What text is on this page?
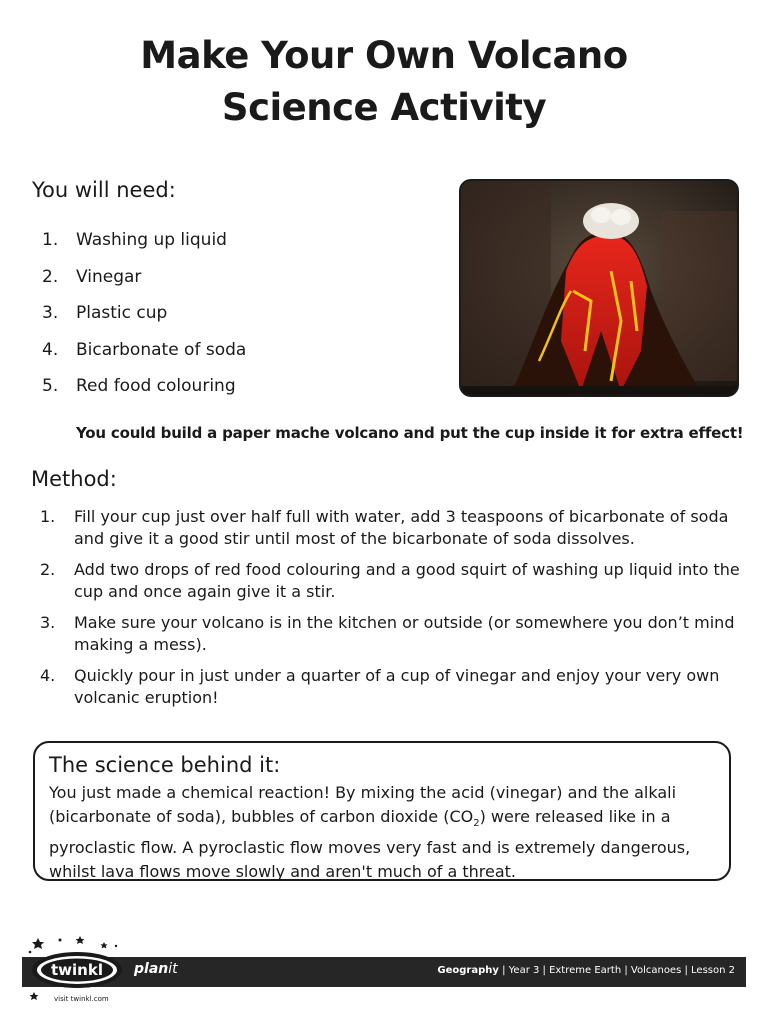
Make Your Own Volcano
Science Activity
You will need:
1. Washing up liquid
2. Vinegar
3. Plastic cup
4. Bicarbonate of soda
5. Red food colouring
You could build a paper mache volcano and put the cup inside it for extra effect!
Method:
1.	Fill your cup just over half full with water, add 3 teaspoons of bicarbonate of soda and give it a good stir until most of the bicarbonate of soda dissolves.
2.	Add two drops of red food colouring and a good squirt of washing up liquid into the cup and once again give it a stir.
3.	Make sure your volcano is in the kitchen or outside (or somewhere you don’t mind making a mess).
4.	Quickly pour in just under a quarter of a cup of vinegar and enjoy your very own volcanic eruption!
The science behind it:
You just made a chemical reaction! By mixing the acid (vinegar) and the alkali (bicarbonate of soda), bubbles of carbon dioxide $(CO_2)$ were released like in a pyroclastic flow. A pyroclastic flow moves very fast and is extremely dangerous, whilst lava flows move slowly and aren't much of a threat.
twinkl planit	Geography | Year 3 | Extreme Earth | Volcanoes | Lesson 2
visit twinkl.com
